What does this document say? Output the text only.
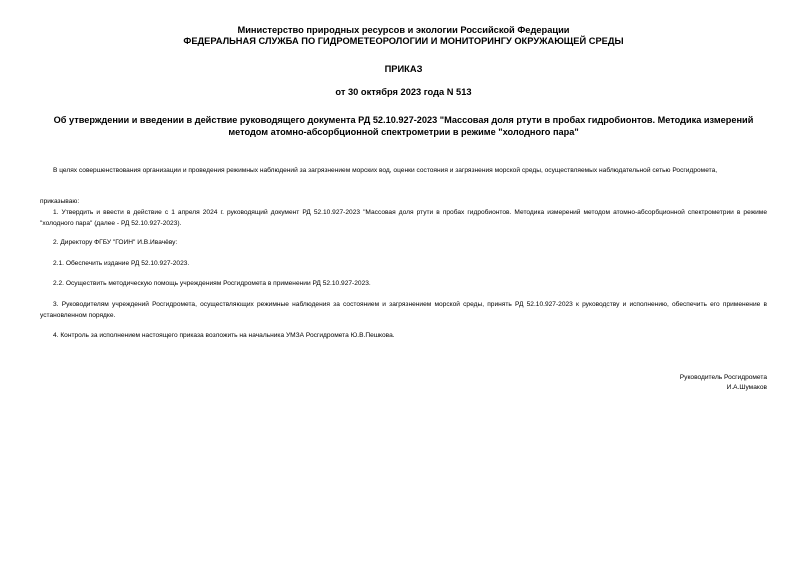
Министерство природных ресурсов и экологии Российской Федерации
ФЕДЕРАЛЬНАЯ СЛУЖБА ПО ГИДРОМЕТЕОРОЛОГИИ И МОНИТОРИНГУ ОКРУЖАЮЩЕЙ СРЕДЫ
ПРИКАЗ
от 30 октября 2023 года N 513
Об утверждении и введении в действие руководящего документа РД 52.10.927-2023 "Массовая доля ртути в пробах гидробионтов. Методика измерений методом атомно-абсорбционной спектрометрии в режиме "холодного пара"
В целях совершенствования организации и проведения режимных наблюдений за загрязнением морских вод, оценки состояния и загрязнения морской среды, осуществляемых наблюдательной сетью Росгидромета,
приказываю:
1. Утвердить и ввести в действие с 1 апреля 2024 г. руководящий документ РД 52.10.927-2023 "Массовая доля ртути в пробах гидробионтов. Методика измерений методом атомно-абсорбционной спектрометрии в режиме "холодного пара" (далее - РД 52.10.927-2023).
2. Директору ФГБУ "ГОИН" И.В.Ивачёву:
2.1. Обеспечить издание РД 52.10.927-2023.
2.2. Осуществить методическую помощь учреждениям Росгидромета в применении РД 52.10.927-2023.
3. Руководителям учреждений Росгидромета, осуществляющих режимные наблюдения за состоянием и загрязнением морской среды, принять РД 52.10.927-2023 к руководству и исполнению, обеспечить его применение в установленном порядке.
4. Контроль за исполнением настоящего приказа возложить на начальника УМЗА Росгидромета Ю.В.Пешкова.
Руководитель Росгидромета
И.А.Шумаков
